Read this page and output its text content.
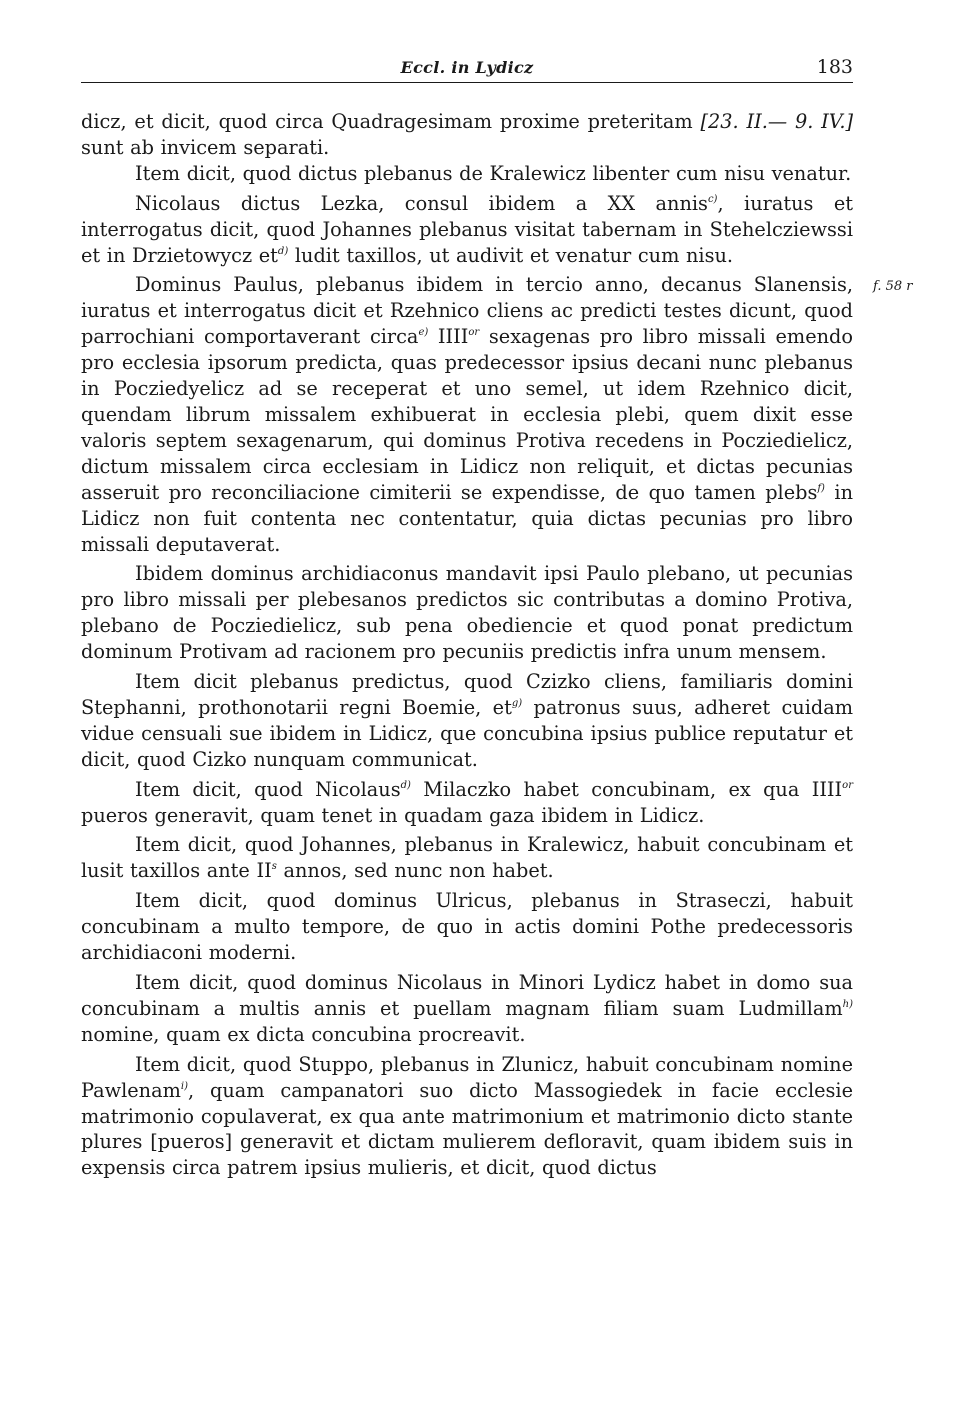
Eccl. in Lydicz	183

dicz, et dicit, quod circa Quadragesimam proxime preteritam [23. II.— 9. IV.] sunt ab invicem separati.

Item dicit, quod dictus plebanus de Kralewicz libenter cum nisu venatur.

Nicolaus dictus Lezka, consul ibidem a XX annis$^{c)}$, iuratus et interrogatus dicit, quod Johannes plebanus visitat tabernam in Stehelcziewssi et in Drzietowycz $et^{d)}$ ludit taxillos, ut audivit et venatur cum nisu.

Dominus Paulus, plebanus ibidem in tercio anno, decanus Slanensis, iuratus et interrogatus dicit et Rzehnico cliens ac predicti testes dicunt, quod parrochiani comportaverant circa$^{e)}$ $IIII^{or}$ sexagenas pro libro missali emendo pro ecclesia ipsorum predicta, quas predecessor ipsius decani nunc plebanus in Pocziedyelicz ad se receperat et uno semel, ut idem Rzehnico dicit, quendam librum missalem exhibuerat in ecclesia plebi, quem dixit esse valoris septem sexagenarum, qui dominus Protiva recedens in Pocziedielicz, dictum missalem circa ecclesiam in Lidicz non reliquit, et dictas pecunias asseruit pro reconciliacione cimiterii se expendisse, de quo tamen plebs$^{f)}$ in Lidicz non fuit contenta nec contentatur, quia dictas pecunias pro libro missali deputaverat.

Ibidem dominus archidiaconus mandavit ipsi Paulo plebano, ut pecunias pro libro missali per plebesanos predictos sic contributas a domino Protiva, plebano de Pocziedielicz, sub pena obediencie et quod ponat predictum dominum Protivam ad racionem pro pecuniis predictis infra unum mensem.

Item dicit plebanus predictus, quod Czizko cliens, familiaris domini Stephanni, prothonotarii regni Boemie, $et^{g)}$ patronus suus, adheret cuidam vidue censuali sue ibidem in Lidicz, que concubina ipsius publice reputatur et dicit, quod Cizko nunquam communicat.

Item dicit, quod Nicolaus$^{d)}$ Milaczko habet concubinam, ex qua $IIII^{or}$ pueros generavit, quam tenet in quadam gaza ibidem in Lidicz.

Item dicit, quod Johannes, plebanus in Kralewicz, habuit concubinam et lusit taxillos ante $II^s$ annos, sed nunc non habet.

Item dicit, quod dominus Ulricus, plebanus in Straseczi, habuit concubinam a multo tempore, de quo in actis domini Pothe predecessoris archidiaconi moderni.

Item dicit, quod dominus Nicolaus in Minori Lydicz habet in domo sua concubinam a multis annis et puellam magnam filiam suam Ludmillam$^{h)}$ nomine, quam ex dicta concubina procreavit.

Item dicit, quod Stuppo, plebanus in Zlunicz, habuit concubinam nomine Pawlenam$^{i)}$, quam campanatori suo dicto Massogiedek in facie ecclesie matrimonio copulaverat, ex qua ante matrimonium et matrimonio dicto stante plures [pueros] generavit et dictam mulierem defloravit, quam ibidem suis in expensis circa patrem ipsius mulieris, et dicit, quod dictus

f. 58 r
